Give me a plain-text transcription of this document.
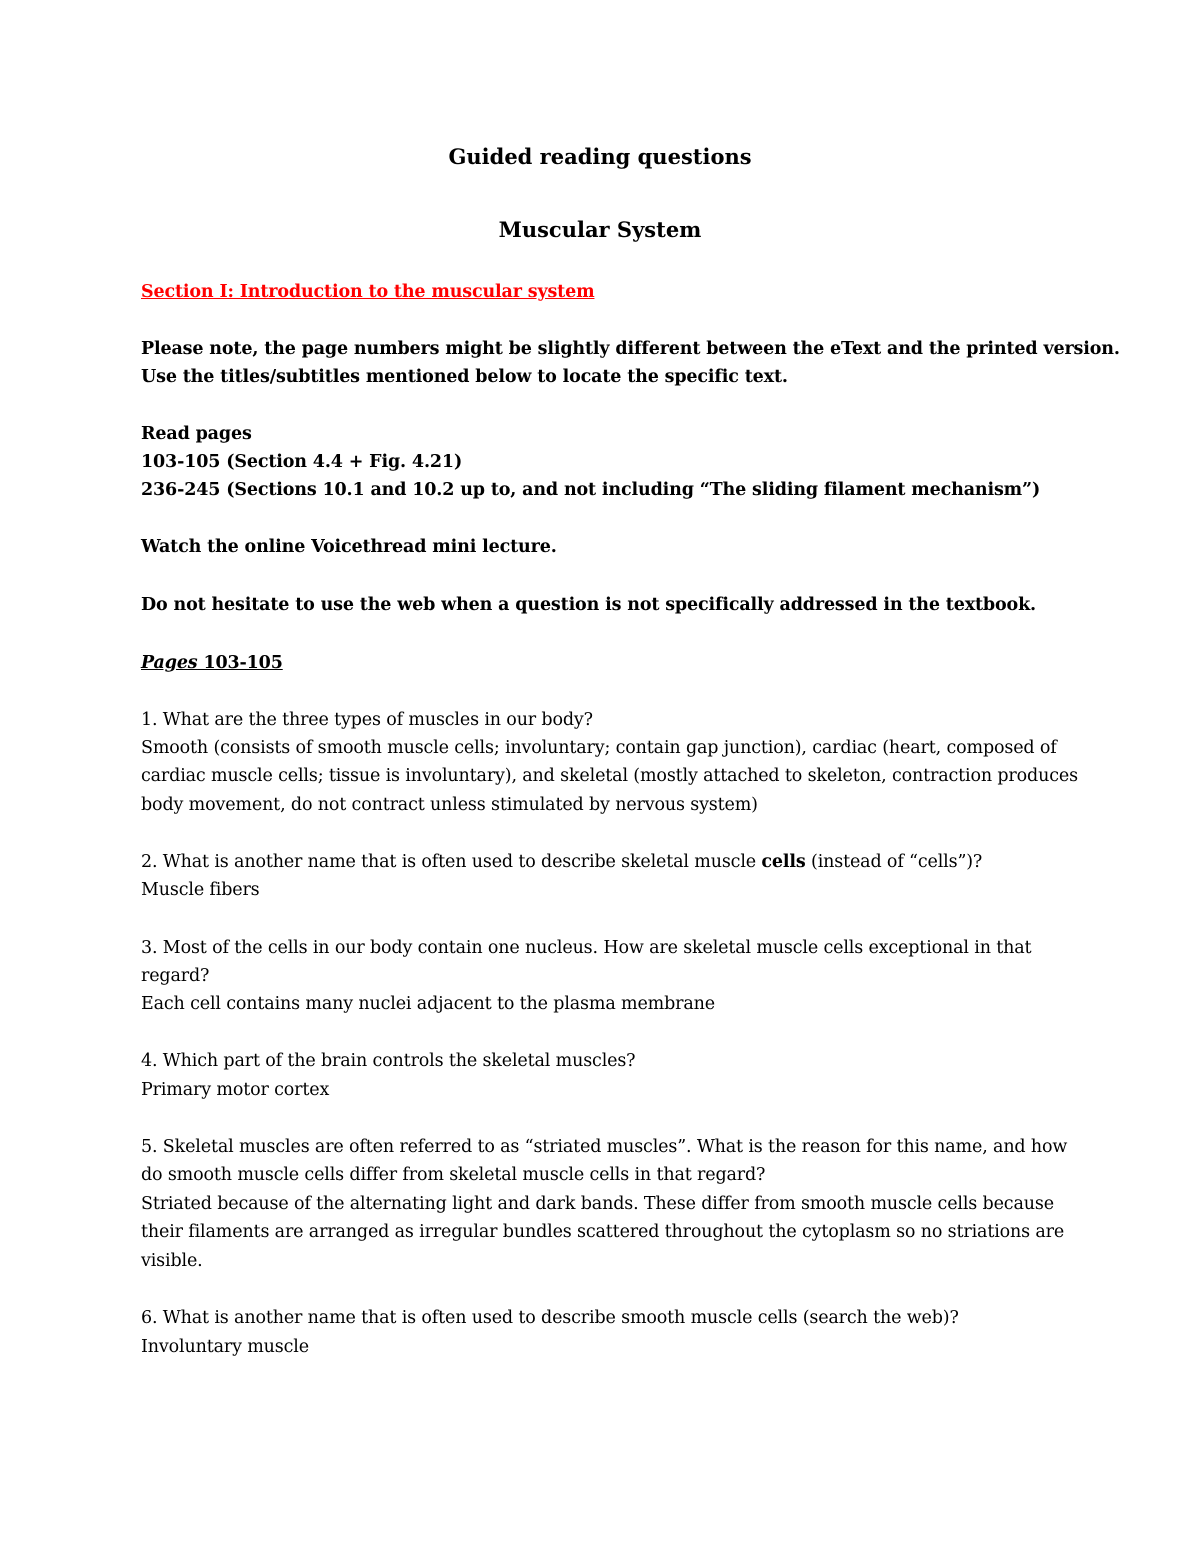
Guided reading questions
Muscular System

Section I: Introduction to the muscular system

Please note, the page numbers might be slightly different between the eText and the printed version.

Use the titles/subtitles mentioned below to locate the specific text.

Read pages

103-105 (Section 4.4 + Fig. 4.21)

236-245 (Sections 10.1 and 10.2 up to, and not including “The sliding filament mechanism”)

Watch the online Voicethread mini lecture.

Do not hesitate to use the web when a question is not specifically addressed in the textbook.

Pages 103-105

1. What are the three types of muscles in our body?

Smooth (consists of smooth muscle cells; involuntary; contain gap junction), cardiac (heart, composed of

cardiac muscle cells; tissue is involuntary), and skeletal (mostly attached to skeleton, contraction produces

body movement, do not contract unless stimulated by nervous system)

2. What is another name that is often used to describe skeletal muscle cells (instead of “cells”)?

Muscle fibers

3. Most of the cells in our body contain one nucleus. How are skeletal muscle cells exceptional in that

regard?

Each cell contains many nuclei adjacent to the plasma membrane

4. Which part of the brain controls the skeletal muscles?

Primary motor cortex

5. Skeletal muscles are often referred to as “striated muscles”. What is the reason for this name, and how

do smooth muscle cells differ from skeletal muscle cells in that regard?

Striated because of the alternating light and dark bands. These differ from smooth muscle cells because

their filaments are arranged as irregular bundles scattered throughout the cytoplasm so no striations are

visible.

6. What is another name that is often used to describe smooth muscle cells (search the web)?

Involuntary muscle
